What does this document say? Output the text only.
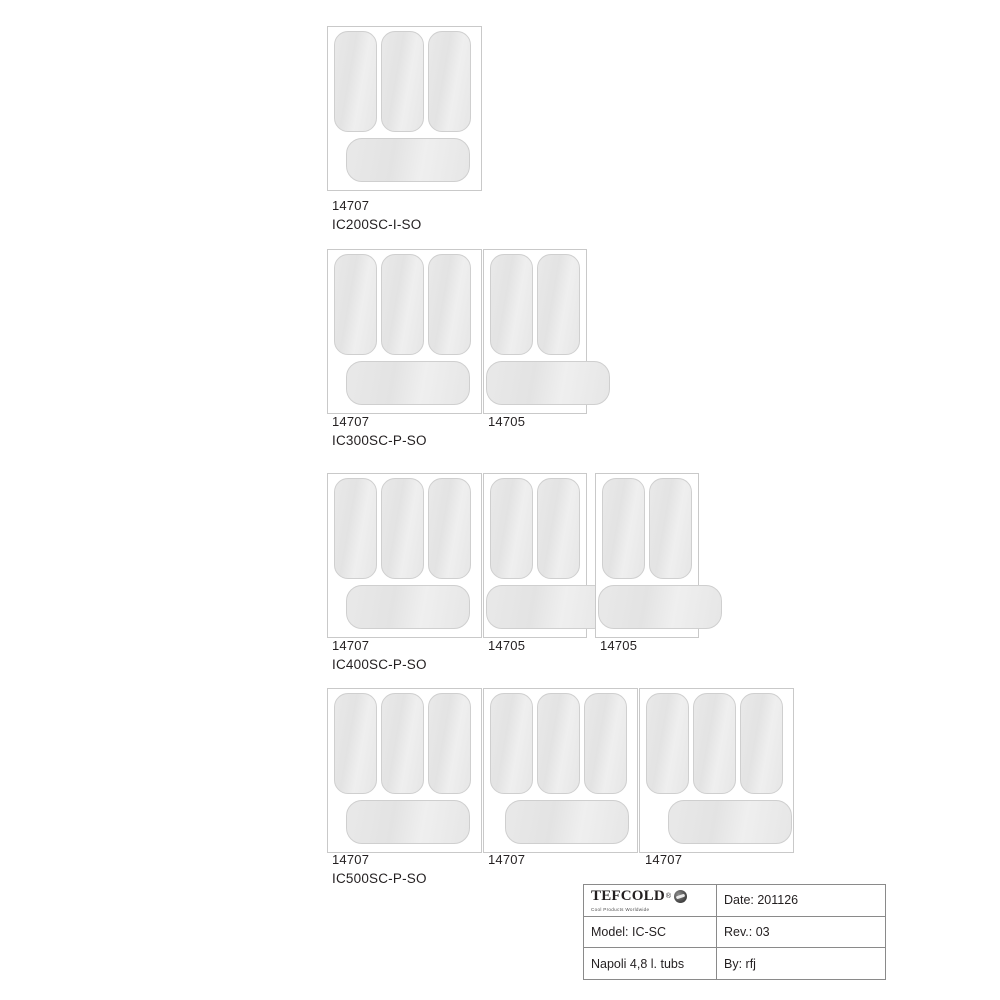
14707
IC200SC-I-SO
14707	14705
IC300SC-P-SO
14707	14705	14705
IC400SC-P-SO
14707	14707	14707
IC500SC-P-SO
TEFCOLD ®
Cool Products Worldwide
Date: 201126
Model: IC-SC	Rev.: 03
Napoli 4,8 l. tubs	By: rfj
